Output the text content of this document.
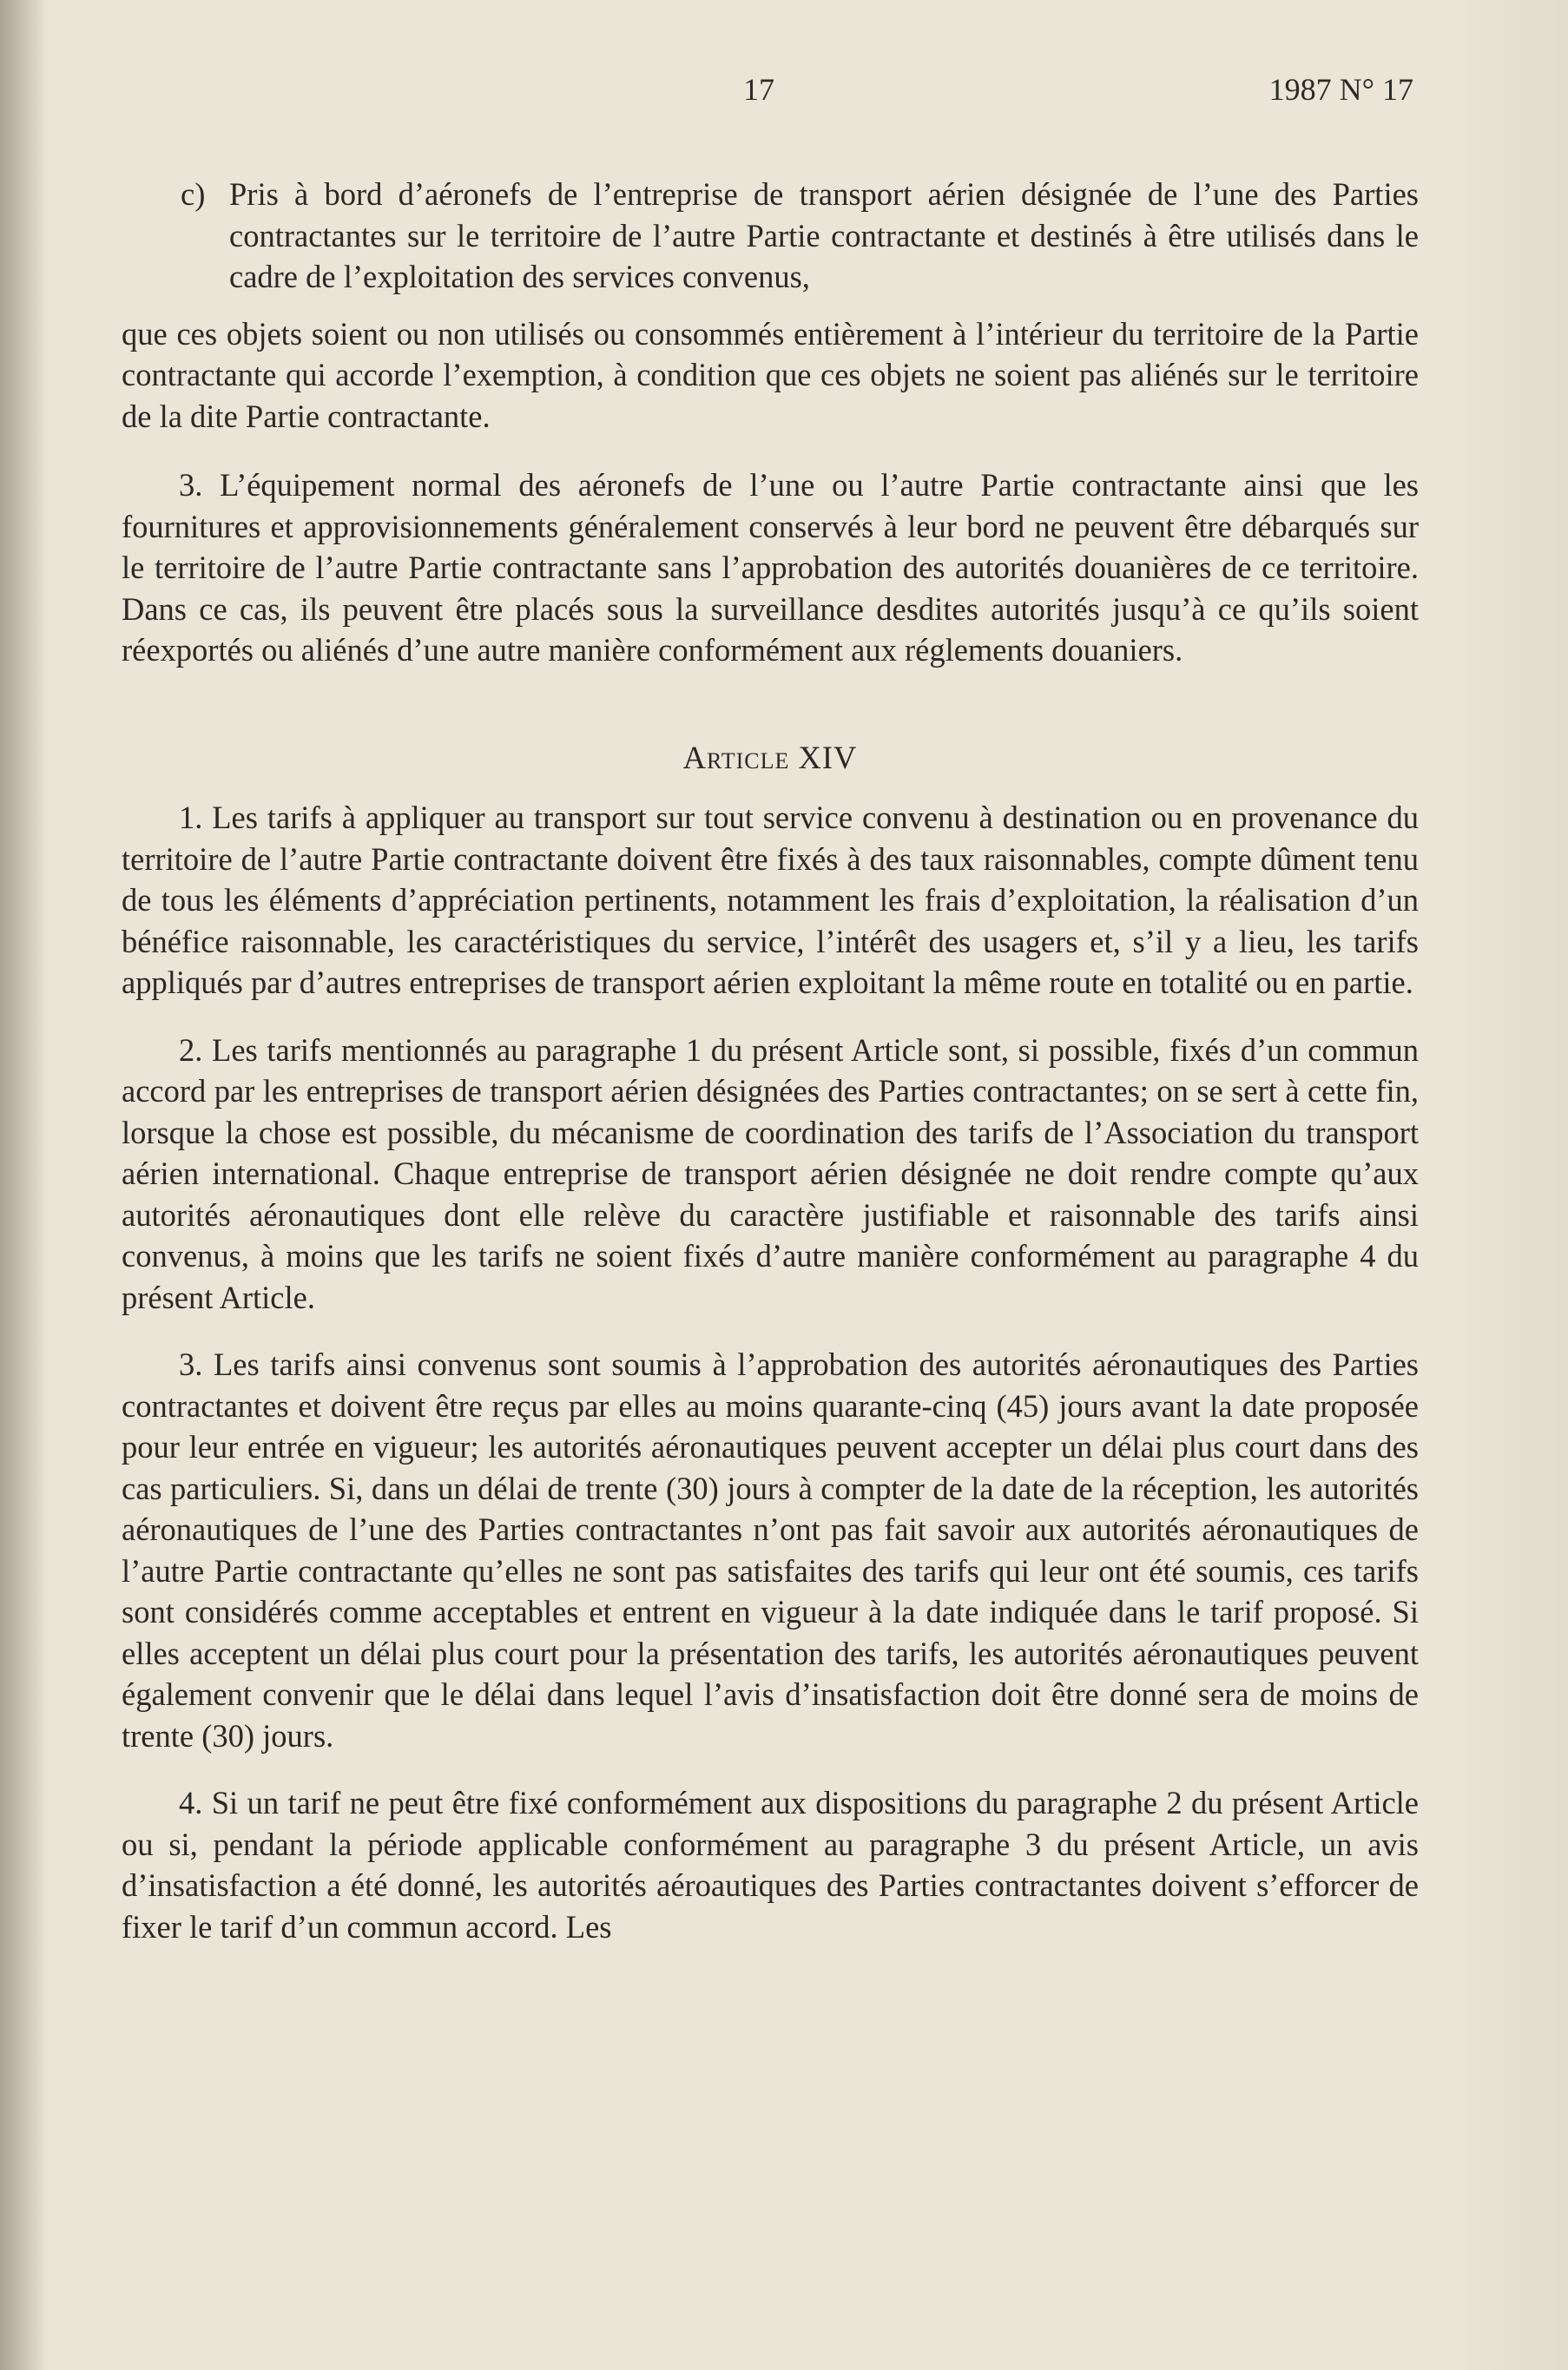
17	1987 N° 17

c) Pris à bord d’aéronefs de l’entreprise de transport aérien désignée de l’une des Parties contractantes sur le territoire de l’autre Partie contractante et destinés à être utilisés dans le cadre de l’exploitation des services convenus,

que ces objets soient ou non utilisés ou consommés entièrement à l’intérieur du territoire de la Partie contractante qui accorde l’exemption, à condition que ces objets ne soient pas aliénés sur le territoire de la dite Partie contractante.

3. L’équipement normal des aéronefs de l’une ou l’autre Partie contractante ainsi que les fournitures et approvisionnements généralement conservés à leur bord ne peuvent être débarqués sur le territoire de l’autre Partie contractante sans l’approbation des autorités douanières de ce territoire. Dans ce cas, ils peuvent être placés sous la surveillance desdites autorités jusqu’à ce qu’ils soient réexportés ou aliénés d’une autre manière conformément aux réglements douaniers.

Article XIV

1. Les tarifs à appliquer au transport sur tout service convenu à destination ou en provenance du territoire de l’autre Partie contractante doivent être fixés à des taux raisonnables, compte dûment tenu de tous les éléments d’appréciation pertinents, notamment les frais d’exploitation, la réalisation d’un bénéfice raisonnable, les caractéristiques du service, l’intérêt des usagers et, s’il y a lieu, les tarifs appliqués par d’autres entreprises de transport aérien exploitant la même route en totalité ou en partie.

2. Les tarifs mentionnés au paragraphe 1 du présent Article sont, si possible, fixés d’un commun accord par les entreprises de transport aérien désignées des Parties contractantes; on se sert à cette fin, lorsque la chose est possible, du mécanisme de coordination des tarifs de l’Association du transport aérien international. Chaque entreprise de transport aérien désignée ne doit rendre compte qu’aux autorités aéronautiques dont elle relève du caractère justifiable et raisonnable des tarifs ainsi convenus, à moins que les tarifs ne soient fixés d’autre manière conformément au paragraphe 4 du présent Article.

3. Les tarifs ainsi convenus sont soumis à l’approbation des autorités aéronautiques des Parties contractantes et doivent être reçus par elles au moins quarante-cinq (45) jours avant la date proposée pour leur entrée en vigueur; les autorités aéronautiques peuvent accepter un délai plus court dans des cas particuliers. Si, dans un délai de trente (30) jours à compter de la date de la réception, les autorités aéronautiques de l’une des Parties contractantes n’ont pas fait savoir aux autorités aéronautiques de l’autre Partie contractante qu’elles ne sont pas satisfaites des tarifs qui leur ont été soumis, ces tarifs sont considérés comme acceptables et entrent en vigueur à la date indiquée dans le tarif proposé. Si elles acceptent un délai plus court pour la présentation des tarifs, les autorités aéronautiques peuvent également convenir que le délai dans lequel l’avis d’insatisfaction doit être donné sera de moins de trente (30) jours.

4. Si un tarif ne peut être fixé conformément aux dispositions du paragraphe 2 du présent Article ou si, pendant la période applicable conformément au paragraphe 3 du présent Article, un avis d’insatisfaction a été donné, les autorités aéroautiques des Parties contractantes doivent s’efforcer de fixer le tarif d’un commun accord. Les
